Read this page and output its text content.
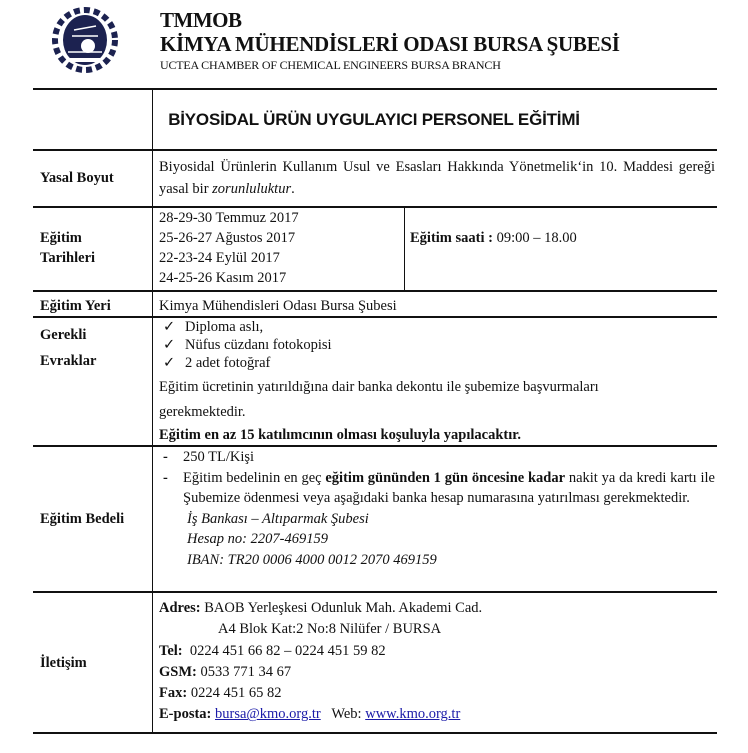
TMMOB
KİMYA MÜHENDİSLERİ ODASI BURSA ŞUBESİ
UCTEA CHAMBER OF CHEMICAL ENGINEERS BURSA BRANCH
BİYOSİDAL ÜRÜN UYGULAYICI PERSONEL EĞİTİMİ
Yasal Boyut
Biyosidal Ürünlerin Kullanım Usul ve Esasları Hakkında Yönetmelik‘in 10. Maddesi gereği yasal bir zorunluluktur.
Eğitim
Tarihleri
28-29-30 Temmuz 2017
25-26-27 Ağustos 2017
22-23-24 Eylül 2017
24-25-26 Kasım 2017
Eğitim saati : 09:00 – 18.00
Eğitim Yeri	Kimya Mühendisleri Odası Bursa Şubesi
Gerekli
Evraklar
✓ Diploma aslı,
✓ Nüfus cüzdanı fotokopisi
✓ 2 adet fotoğraf
Eğitim ücretinin yatırıldığına dair banka dekontu ile şubemize başvurmaları
gerekmektedir.
Eğitim en az 15 katılımcının olması koşuluyla yapılacaktır.
Eğitim Bedeli
- 250 TL/Kişi
-	Eğitim bedelinin en geç eğitim gününden 1 gün öncesine kadar nakit ya da kredi kartı ile Şubemize ödenmesi veya aşağıdaki banka hesap numarasına yatırılması gerekmektedir.
İş Bankası – Altıparmak Şubesi
Hesap no: 2207-469159
IBAN: TR20 0006 4000 0012 2070 469159
İletişim
Adres: BAOB Yerleşkesi Odunluk Mah. Akademi Cad.
A4 Blok Kat:2 No:8 Nilüfer / BURSA
Tel:  0224 451 66 82 – 0224 451 59 82
GSM: 0533 771 34 67
Fax: 0224 451 65 82
E-posta: bursa@kmo.org.tr Web: www.kmo.org.tr
